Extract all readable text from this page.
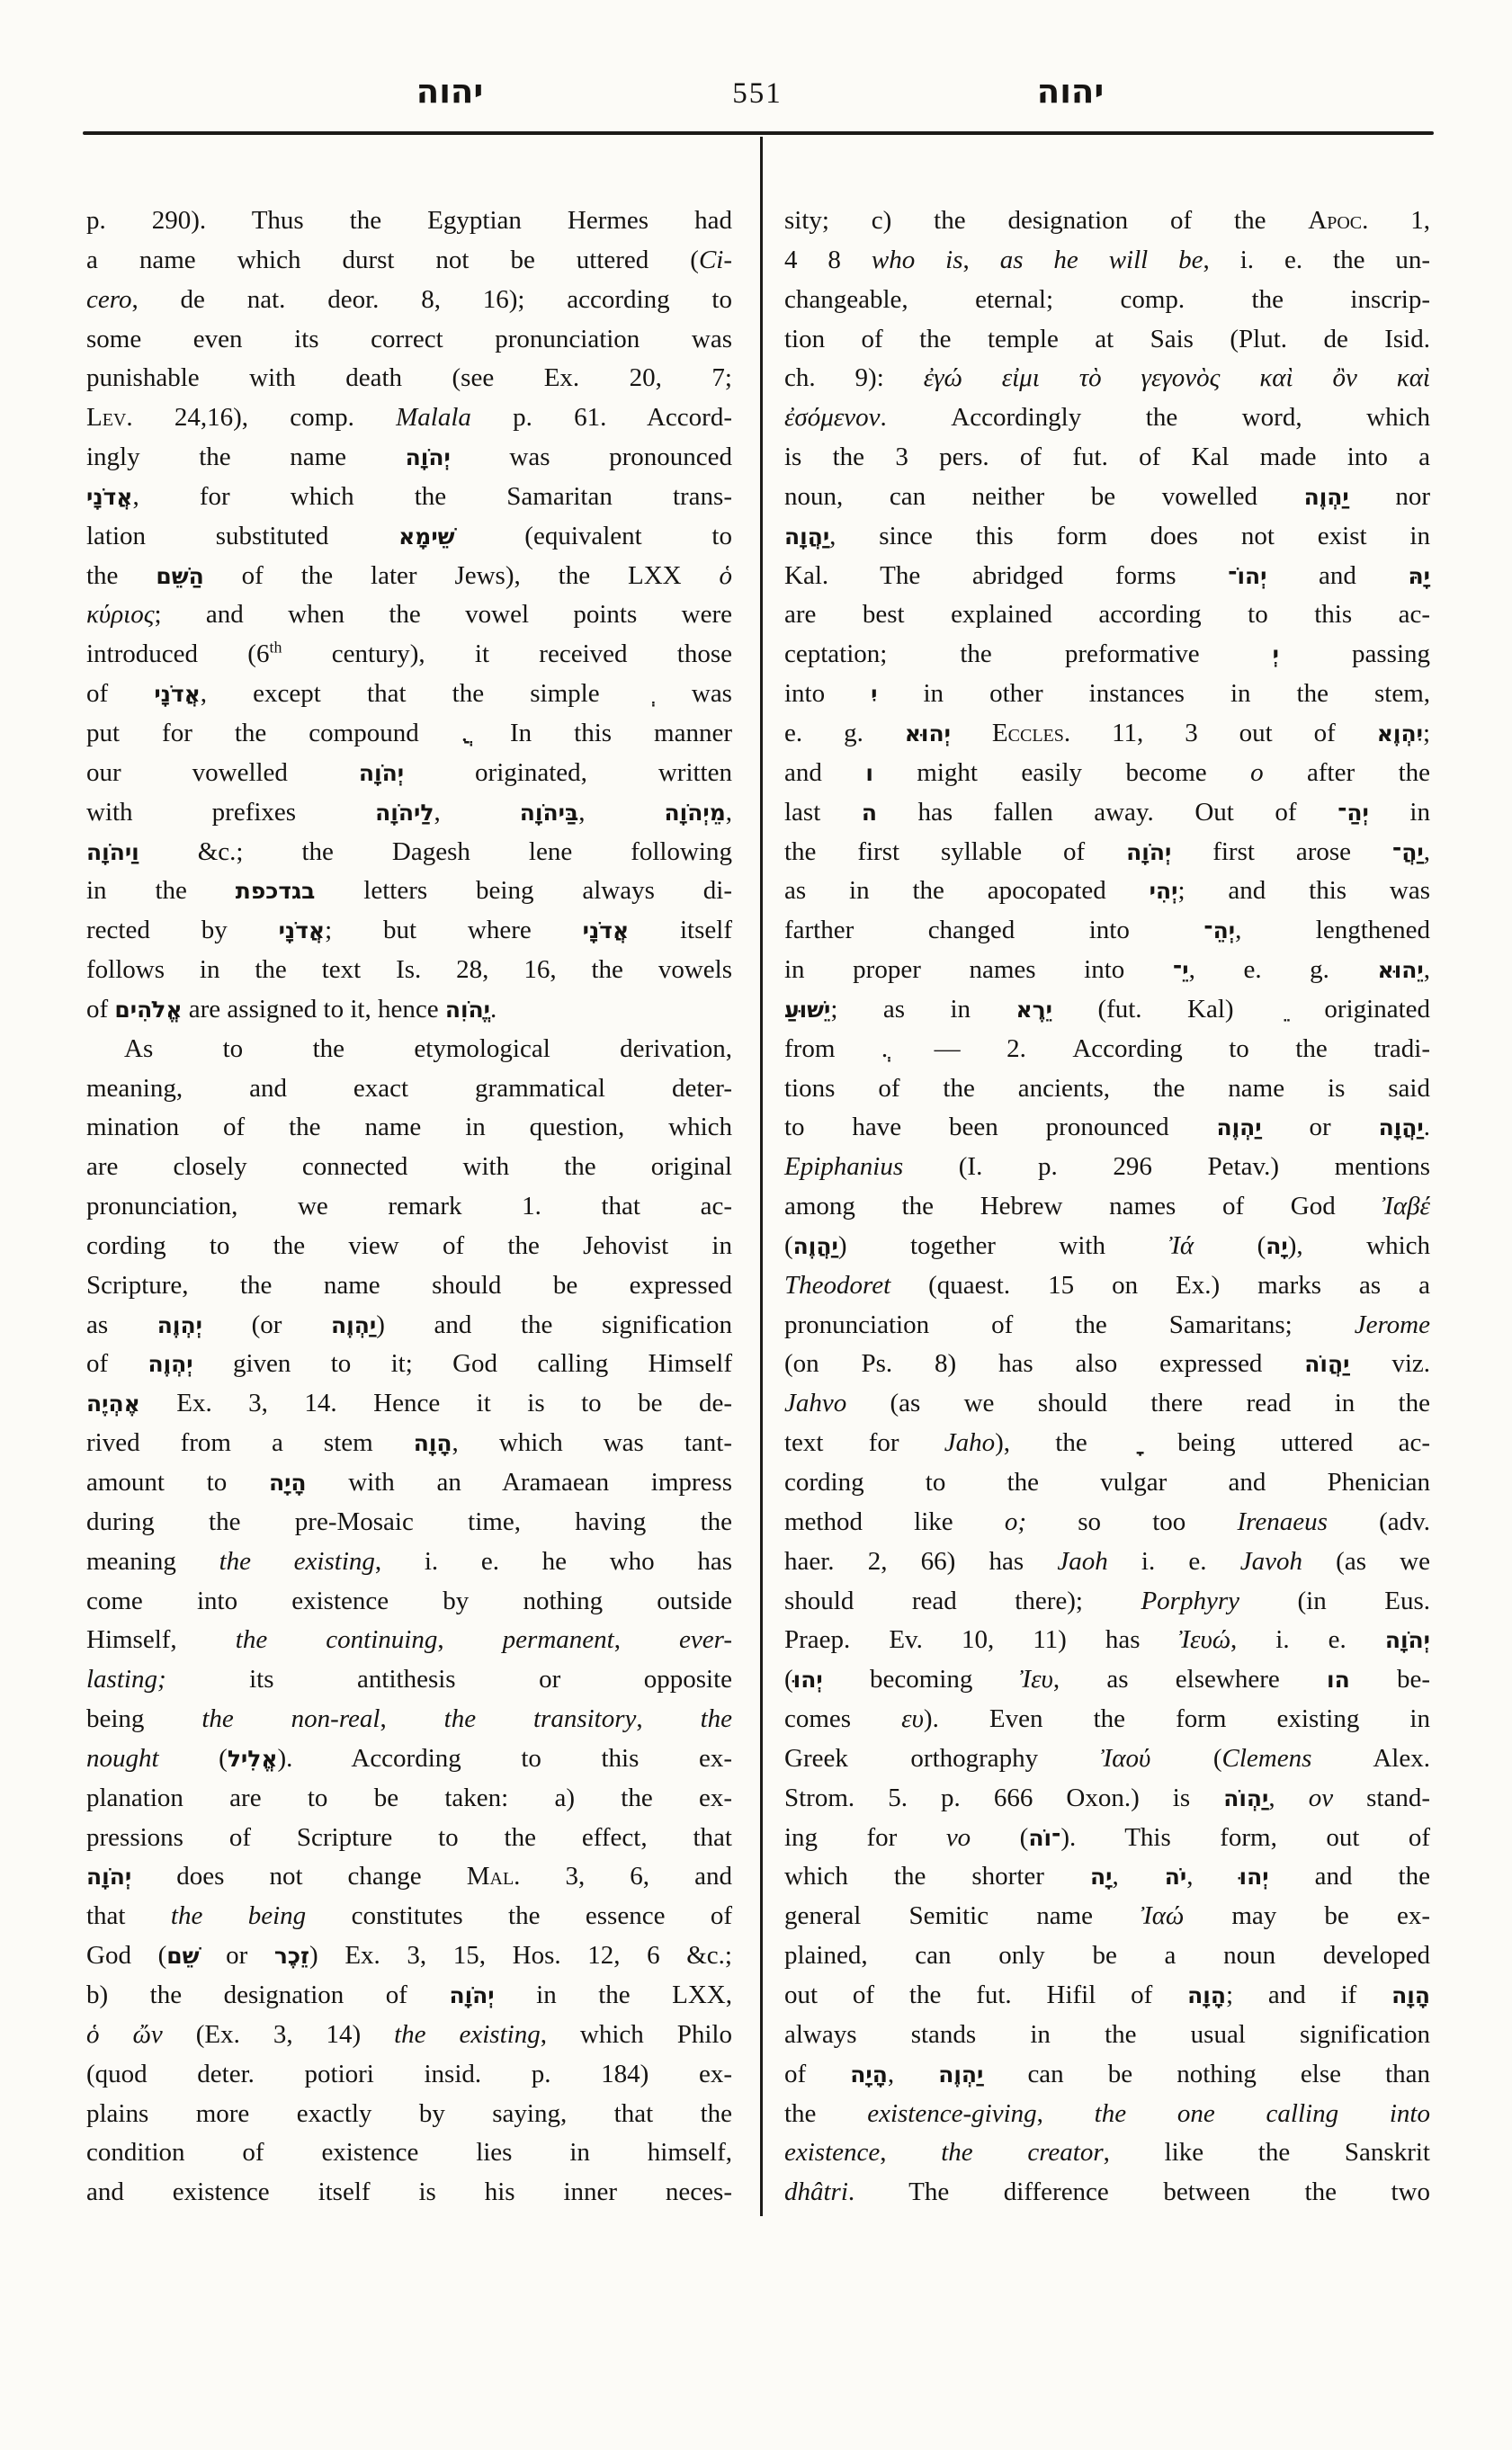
יהוה	551	יהוה
p. 290). Thus the Egyptian Hermes had
a name which durst not be uttered (Ci-
cero, de nat. deor. 8, 16); according to
some even its correct pronunciation was
punishable with death (see Ex. 20, 7;
Lev. 24,16), comp. Malala p. 61. Accord-
ingly the name יְהֹוָה was pronounced
אֲדֹנָי, for which the Samaritan trans-
lation substituted שֵׁימָא (equivalent to
the הַשֵּׁם of the later Jews), the LXX ὁ
κύριος; and when the vowel points were
introduced (6th century), it received those
of אֲדֹנָי, except that the simple was
put for the compound . In this manner
our vowelled יְהֹוָה originated, written
with prefixes לַיהֹוָה, בַּיהֹוָה, מֵיְהֹוָה,
וַיהֹוָה &c.; the Dagesh lene following
in the בגדכפת letters being always di-
rected by אֲדֹנָי; but where אֲדֹנָי itself
follows in the text Is. 28, 16, the vowels
of אֱלֹהִים are assigned to it, hence יֱהֹוִה.
As to the etymological derivation,
meaning, and exact grammatical deter-
mination of the name in question, which
are closely connected with the original
pronunciation, we remark 1. that ac-
cording to the view of the Jehovist in
Scripture, the name should be expressed
as יְהְוֶה (or יַהְוֶה) and the signification
of יְהְוֶה given to it; God calling Himself
אֶהְיֶה Ex. 3, 14. Hence it is to be de-
rived from a stem הָוָה, which was tant-
amount to הָיָה with an Aramaean impress
during the pre-Mosaic time, having the
meaning the existing, i. e. he who has
come into existence by nothing outside
Himself, the continuing, permanent, ever-
lasting; its antithesis or opposite
being the non-real, the transitory, the
nought (אֱלִיל). According to this ex-
planation are to be taken: a) the ex-
pressions of Scripture to the effect, that
יְהֹוָה does not change Mal. 3, 6, and
that the being constitutes the essence of
God (שֵׁם or זֵכֶר) Ex. 3, 15, Hos. 12, 6 &c.;
b) the designation of יְהֹוָה in the LXX,
ὁ ὤν (Ex. 3, 14) the existing, which Philo
(quod deter. potiori insid. p. 184) ex-
plains more exactly by saying, that the
condition of existence lies in himself,
and existence itself is his inner neces-
sity; c) the designation of the Apoc. 1,
4 8 who is, as he will be, i. e. the un-
changeable, eternal; comp. the inscrip-
tion of the temple at Sais (Plut. de Isid.
ch. 9): ἐγώ εἰμι τὸ γεγονὸς καὶ ὂν καὶ
ἐσόμενον. Accordingly the word, which
is the 3 pers. of fut. of Kal made into a
noun, can neither be vowelled יַהְוֶה nor
יַהֲוָה, since this form does not exist in
Kal. The abridged forms יְהוֹ־ and יָהּ
are best explained according to this ac-
ceptation; the preformative יְ passing
into יִ in other instances in the stem,
e. g. יְהוּא Eccles. 11, 3 out of יִהְוֶא;
and ו might easily become o after the
last ה has fallen away. Out of יְהַ־ in
the first syllable of יְהֹוָה first arose יַהֲ־,
as in the apocopated יְהִי; and this was
farther changed into יְהֵ־, lengthened
in proper names into יֵ־, e. g. יֵהוּא,
יֵשׁוּעַ; as in יֵרֶא (fut. Kal) originated
from . — 2. According to the tradi-
tions of the ancients, the name is said
to have been pronounced יַהְוֶה or יַהֲוָה.
Epiphanius (I. p. 296 Petav.) mentions
among the Hebrew names of God Ἰαβέ
(יַהֲוֶה) together with Ἰά (יָה), which
Theodoret (quaest. 15 on Ex.) marks as a
pronunciation of the Samaritans; Jerome
(on Ps. 8) has also expressed יַהֲוֹה viz.
Jahvo (as we should there read in the
text for Jaho), the being uttered ac-
cording to the vulgar and Phenician
method like o; so too Irenaeus (adv.
haer. 2, 66) has Jaoh i. e. Javoh (as we
should read there); Porphyry (in Eus.
Praep. Ev. 10, 11) has Ἰευώ, i. e. יְהֹוָה
(יְהוּ becoming Ἰευ, as elsewhere הו be-
comes ευ). Even the form existing in
Greek orthography Ἰαού (Clemens Alex.
Strom. 5. p. 666 Oxon.) is יַהְוֹה, ov stand-
ing for vo (־וֹה). This form, out of
which the shorter יָה, יֹה, יְהוּ and the
general Semitic name Ἰαώ may be ex-
plained, can only be a noun developed
out of the fut. Hifil of הָוָה; and if הָוָה
always stands in the usual signification
of הָיָה, יַהְוֶה can be nothing else than
the existence-giving, the one calling into
existence, the creator, like the Sanskrit
dhâtri. The difference between the two
